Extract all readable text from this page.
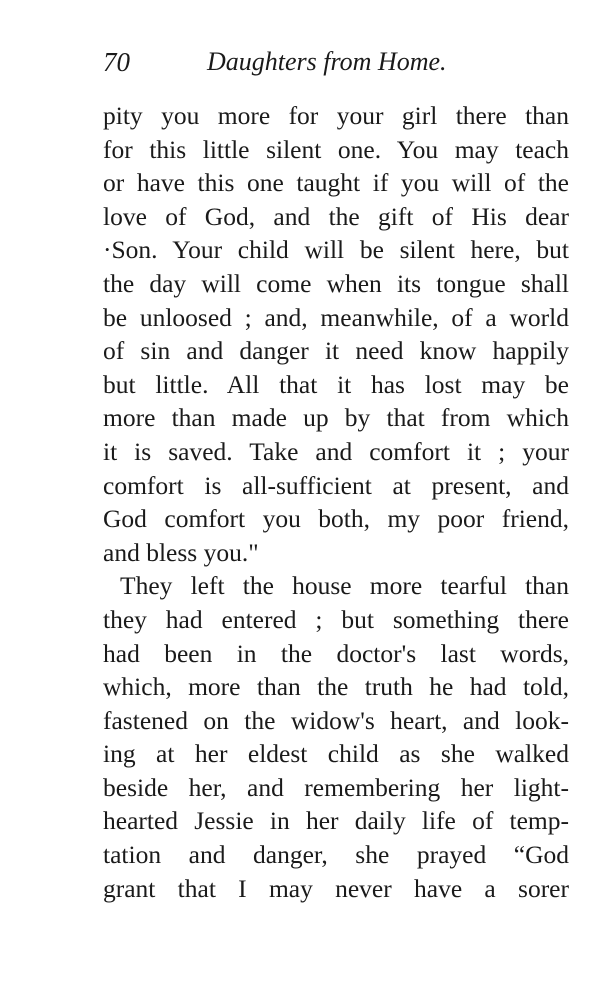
70	Daughters from Home.
pity you more for your girl there than
for this little silent one. You may teach
or have this one taught if you will of the
love of God, and the gift of His dear
·Son. Your child will be silent here, but
the day will come when its tongue shall
be unloosed ; and, meanwhile, of a world
of sin and danger it need know happily
but little. All that it has lost may be
more than made up by that from which
it is saved. Take and comfort it ; your
comfort is all-sufficient at present, and
God comfort you both, my poor friend,
and bless you."
They left the house more tearful than
they had entered ; but something there
had been in the doctor's last words,
which, more than the truth he had told,
fastened on the widow's heart, and look-
ing at her eldest child as she walked
beside her, and remembering her light-
hearted Jessie in her daily life of temp-
tation and danger, she prayed “God
grant that I may never have a sorer
